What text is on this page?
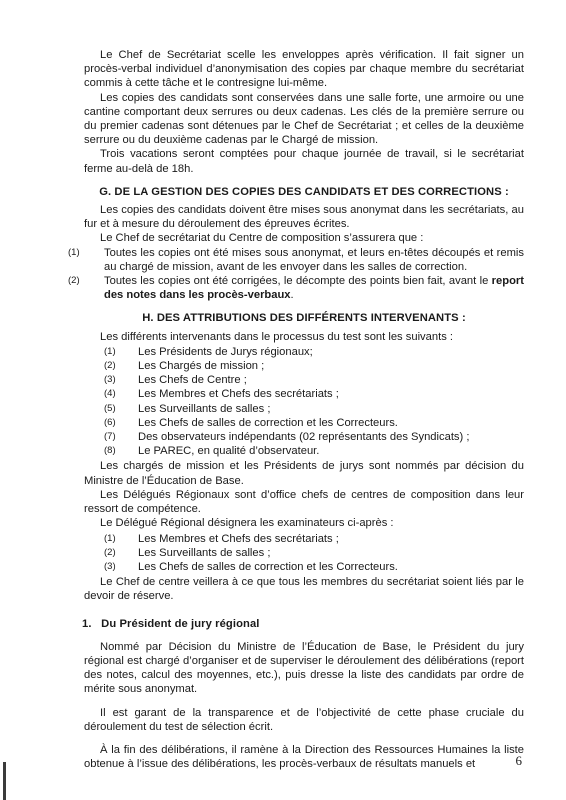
Le Chef de Secrétariat scelle les enveloppes après vérification. Il fait signer un procès-verbal individuel d’anonymisation des copies par chaque membre du secrétariat commis à cette tâche et le contresigne lui-même.

Les copies des candidats sont conservées dans une salle forte, une armoire ou une cantine comportant deux serrures ou deux cadenas. Les clés de la première serrure ou du premier cadenas sont détenues par le Chef de Secrétariat ; et celles de la deuxième serrure ou du deuxième cadenas par le Chargé de mission.

Trois vacations seront comptées pour chaque journée de travail, si le secrétariat ferme au-delà de 18h.

G. DE LA GESTION DES COPIES DES CANDIDATS ET DES CORRECTIONS :

Les copies des candidats doivent être mises sous anonymat dans les secrétariats, au fur et à mesure du déroulement des épreuves écrites.

Le Chef de secrétariat du Centre de composition s’assurera que :

(1) Toutes les copies ont été mises sous anonymat, et leurs en-têtes découpés et remis au chargé de mission, avant de les envoyer dans les salles de correction.
(2) Toutes les copies ont été corrigées, le décompte des points bien fait, avant le report des notes dans les procès-verbaux.
H. DES ATTRIBUTIONS DES DIFFÉRENTS INTERVENANTS :

Les différents intervenants dans le processus du test sont les suivants :

(1) Les Présidents de Jurys régionaux;
(2) Les Chargés de mission ;
(3) Les Chefs de Centre ;
(4) Les Membres et Chefs des secrétariats ;
(5) Les Surveillants de salles ;
(6) Les Chefs de salles de correction et les Correcteurs.
(7) Des observateurs indépendants (02 représentants des Syndicats) ;
(8) Le PAREC, en qualité d’observateur.

Les chargés de mission et les Présidents de jurys sont nommés par décision du Ministre de l’Éducation de Base.

Les Délégués Régionaux sont d’office chefs de centres de composition dans leur ressort de compétence.

Le Délégué Régional désignera les examinateurs ci-après :

(1) Les Membres et Chefs des secrétariats ;
(2) Les Surveillants de salles ;
(3) Les Chefs de salles de correction et les Correcteurs.

Le Chef de centre veillera à ce que tous les membres du secrétariat soient liés par le devoir de réserve.

1.   Du Président de jury régional

Nommé par Décision du Ministre de l’Éducation de Base, le Président du jury régional est chargé d’organiser et de superviser le déroulement des délibérations (report des notes, calcul des moyennes, etc.), puis dresse la liste des candidats par ordre de mérite sous anonymat.

Il est garant de la transparence et de l’objectivité de cette phase cruciale du déroulement du test de sélection écrit.

À la fin des délibérations, il ramène à la Direction des Ressources Humaines la liste obtenue à l’issue des délibérations, les procès-verbaux de résultats manuels et	6
